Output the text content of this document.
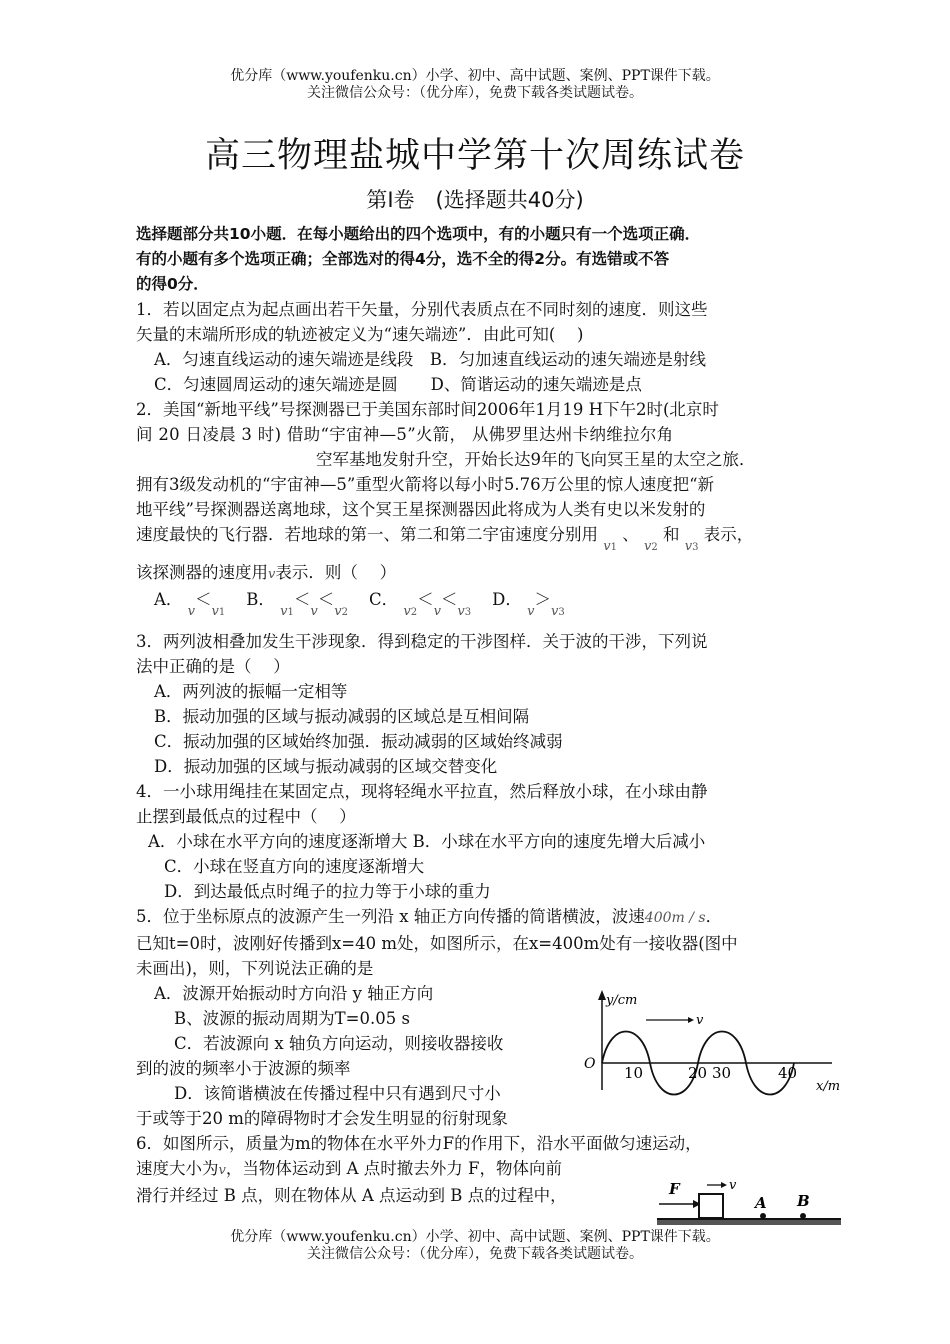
优分库（www.youfenku.cn）小学、初中、高中试题、案例、PPT课件下载。
关注微信公众号：（优分库），免费下载各类试题试卷。
高三物理盐城中学第十次周练试卷
第Ⅰ卷　(选择题共40分)

选择题部分共10小题．在每小题给出的四个选项中，有的小题只有一个选项正确．

有的小题有多个选项正确；全部选对的得4分，选不全的得2分。有选错或不答

的得0分．

1．若以固定点为起点画出若干矢量，分别代表质点在不同时刻的速度．则这些

矢量的末端所形成的轨迹被定义为“速矢端迹”．由此可知(　 )

A．匀速直线运动的速矢端迹是线段　B．匀加速直线运动的速矢端迹是射线

C．匀速圆周运动的速矢端迹是圆　　D、简谐运动的速矢端迹是点

2．美国“新地平线”号探测器已于美国东部时间2006年1月19 H下午2时(北京时

间 20 日凌晨 3 时) 借助“宇宙神—5”火箭， 从佛罗里达州卡纳维拉尔角

空军基地发射升空，开始长达9年的飞向冥王星的太空之旅．

拥有3级发动机的“宇宙神—5”重型火箭将以每小时5.76万公里的惊人速度把“新

地平线”号探测器送离地球，这个冥王星探测器因此将成为人类有史以米发射的

速度最快的飞行器．若地球的第一、第二和第二宇宙速度分别用 v1 、 v2 和 v3 表示，

该探测器的速度用v表示．则（　 ）

A． v＜v1    B． v1＜v＜v2    C． v2＜v＜v3    D． v＞v3

3．两列波相叠加发生干涉现象．得到稳定的干涉图样．关于波的干涉，下列说

法中正确的是（　 ）

A．两列波的振幅一定相等

B．振动加强的区域与振动减弱的区域总是互相间隔

C．振动加强的区域始终加强．振动减弱的区域始终减弱

D．振动加强的区域与振动减弱的区域交替变化

4．一小球用绳挂在某固定点，现将轻绳水平拉直，然后释放小球，在小球由静

止摆到最低点的过程中（　 ）

A．小球在水平方向的速度逐渐增大 B．小球在水平方向的速度先增大后减小

C．小球在竖直方向的速度逐渐增大

D．到达最低点时绳子的拉力等于小球的重力

5．位于坐标原点的波源产生一列沿 x 轴正方向传播的简谐横波，波速400m / s．

已知t=0时，波刚好传播到x=40 m处，如图所示，在x=400m处有一接收器(图中

未画出)，则，下列说法正确的是

A．波源开始振动时方向沿 y 轴正方向

B、波源的振动周期为T=0.05 s

C．若波源向 x 轴负方向运动，则接收器接收

到的波的频率小于波源的频率

D．该简谐横波在传播过程中只有遇到尺寸小

于或等于20 m的障碍物时才会发生明显的衍射现象

6．如图所示，质量为m的物体在水平外力F的作用下，沿水平面做匀速运动，

速度大小为v，当物体运动到 A 点时撤去外力 F，物体向前

滑行并经过 B 点，则在物体从 A 点运动到 B 点的过程中，

y/cm
x/m
O
v
10	20 30	40
F	v
A B
优分库（www.youfenku.cn）小学、初中、高中试题、案例、PPT课件下载。
关注微信公众号：（优分库），免费下载各类试题试卷。
